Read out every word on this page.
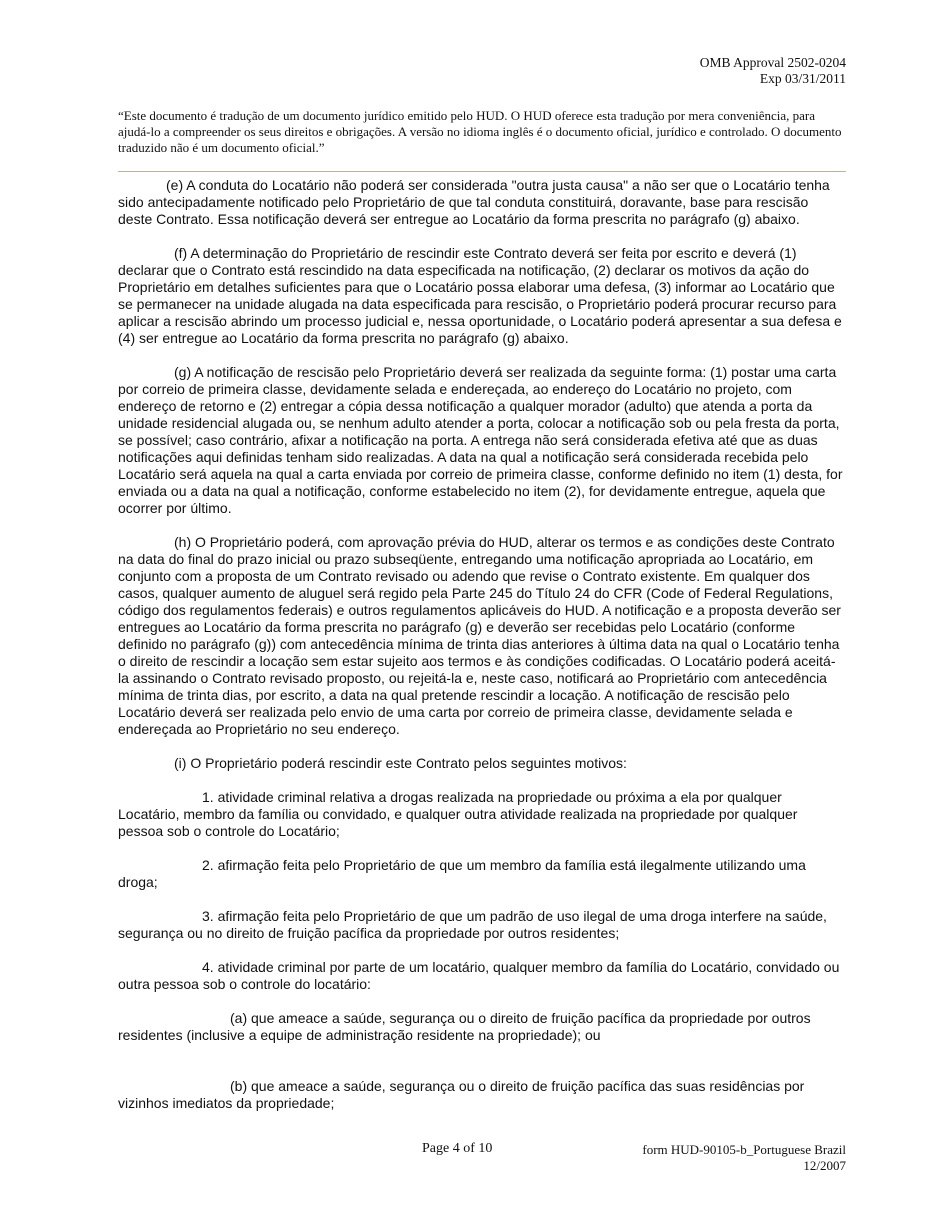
OMB Approval 2502-0204
Exp 03/31/2011

“Este documento é tradução de um documento jurídico emitido pelo HUD. O HUD oferece esta tradução por mera conveniência, para ajudá-lo a compreender os seus direitos e obrigações. A versão no idioma inglês é o documento oficial, jurídico e controlado. O documento traduzido não é um documento oficial.”

(e) A conduta do Locatário não poderá ser considerada "outra justa causa" a não ser que o Locatário tenha sido antecipadamente notificado pelo Proprietário de que tal conduta constituirá, doravante, base para rescisão deste Contrato. Essa notificação deverá ser entregue ao Locatário da forma prescrita no parágrafo (g) abaixo.

(f) A determinação do Proprietário de rescindir este Contrato deverá ser feita por escrito e deverá (1) declarar que o Contrato está rescindido na data especificada na notificação, (2) declarar os motivos da ação do Proprietário em detalhes suficientes para que o Locatário possa elaborar uma defesa, (3) informar ao Locatário que se permanecer na unidade alugada na data especificada para rescisão, o Proprietário poderá procurar recurso para aplicar a rescisão abrindo um processo judicial e, nessa oportunidade, o Locatário poderá apresentar a sua defesa e (4) ser entregue ao Locatário da forma prescrita no parágrafo (g) abaixo.

(g) A notificação de rescisão pelo Proprietário deverá ser realizada da seguinte forma: (1) postar uma carta por correio de primeira classe, devidamente selada e endereçada, ao endereço do Locatário no projeto, com endereço de retorno e (2) entregar a cópia dessa notificação a qualquer morador (adulto) que atenda a porta da unidade residencial alugada ou, se nenhum adulto atender a porta, colocar a notificação sob ou pela fresta da porta, se possível; caso contrário, afixar a notificação na porta. A entrega não será considerada efetiva até que as duas notificações aqui definidas tenham sido realizadas. A data na qual a notificação será considerada recebida pelo Locatário será aquela na qual a carta enviada por correio de primeira classe, conforme definido no item (1) desta, for enviada ou a data na qual a notificação, conforme estabelecido no item (2), for devidamente entregue, aquela que ocorrer por último.

(h) O Proprietário poderá, com aprovação prévia do HUD, alterar os termos e as condições deste Contrato na data do final do prazo inicial ou prazo subseqüente, entregando uma notificação apropriada ao Locatário, em conjunto com a proposta de um Contrato revisado ou adendo que revise o Contrato existente. Em qualquer dos casos, qualquer aumento de aluguel será regido pela Parte 245 do Título 24 do CFR (Code of Federal Regulations, código dos regulamentos federais) e outros regulamentos aplicáveis do HUD. A notificação e a proposta deverão ser entregues ao Locatário da forma prescrita no parágrafo (g) e deverão ser recebidas pelo Locatário (conforme definido no parágrafo (g)) com antecedência mínima de trinta dias anteriores à última data na qual o Locatário tenha o direito de rescindir a locação sem estar sujeito aos termos e às condições codificadas. O Locatário poderá aceitá-la assinando o Contrato revisado proposto, ou rejeitá-la e, neste caso, notificará ao Proprietário com antecedência mínima de trinta dias, por escrito, a data na qual pretende rescindir a locação. A notificação de rescisão pelo Locatário deverá ser realizada pelo envio de uma carta por correio de primeira classe, devidamente selada e endereçada ao Proprietário no seu endereço.

(i) O Proprietário poderá rescindir este Contrato pelos seguintes motivos:

1. atividade criminal relativa a drogas realizada na propriedade ou próxima a ela por qualquer Locatário, membro da família ou convidado, e qualquer outra atividade realizada na propriedade por qualquer pessoa sob o controle do Locatário;

2. afirmação feita pelo Proprietário de que um membro da família está ilegalmente utilizando uma droga;

3. afirmação feita pelo Proprietário de que um padrão de uso ilegal de uma droga interfere na saúde, segurança ou no direito de fruição pacífica da propriedade por outros residentes;

4. atividade criminal por parte de um locatário, qualquer membro da família do Locatário, convidado ou outra pessoa sob o controle do locatário:

(a) que ameace a saúde, segurança ou o direito de fruição pacífica da propriedade por outros residentes (inclusive a equipe de administração residente na propriedade); ou

(b) que ameace a saúde, segurança ou o direito de fruição pacífica das suas residências por vizinhos imediatos da propriedade;

Page 4 of 10	form HUD-90105-b_Portuguese Brazil
12/2007
